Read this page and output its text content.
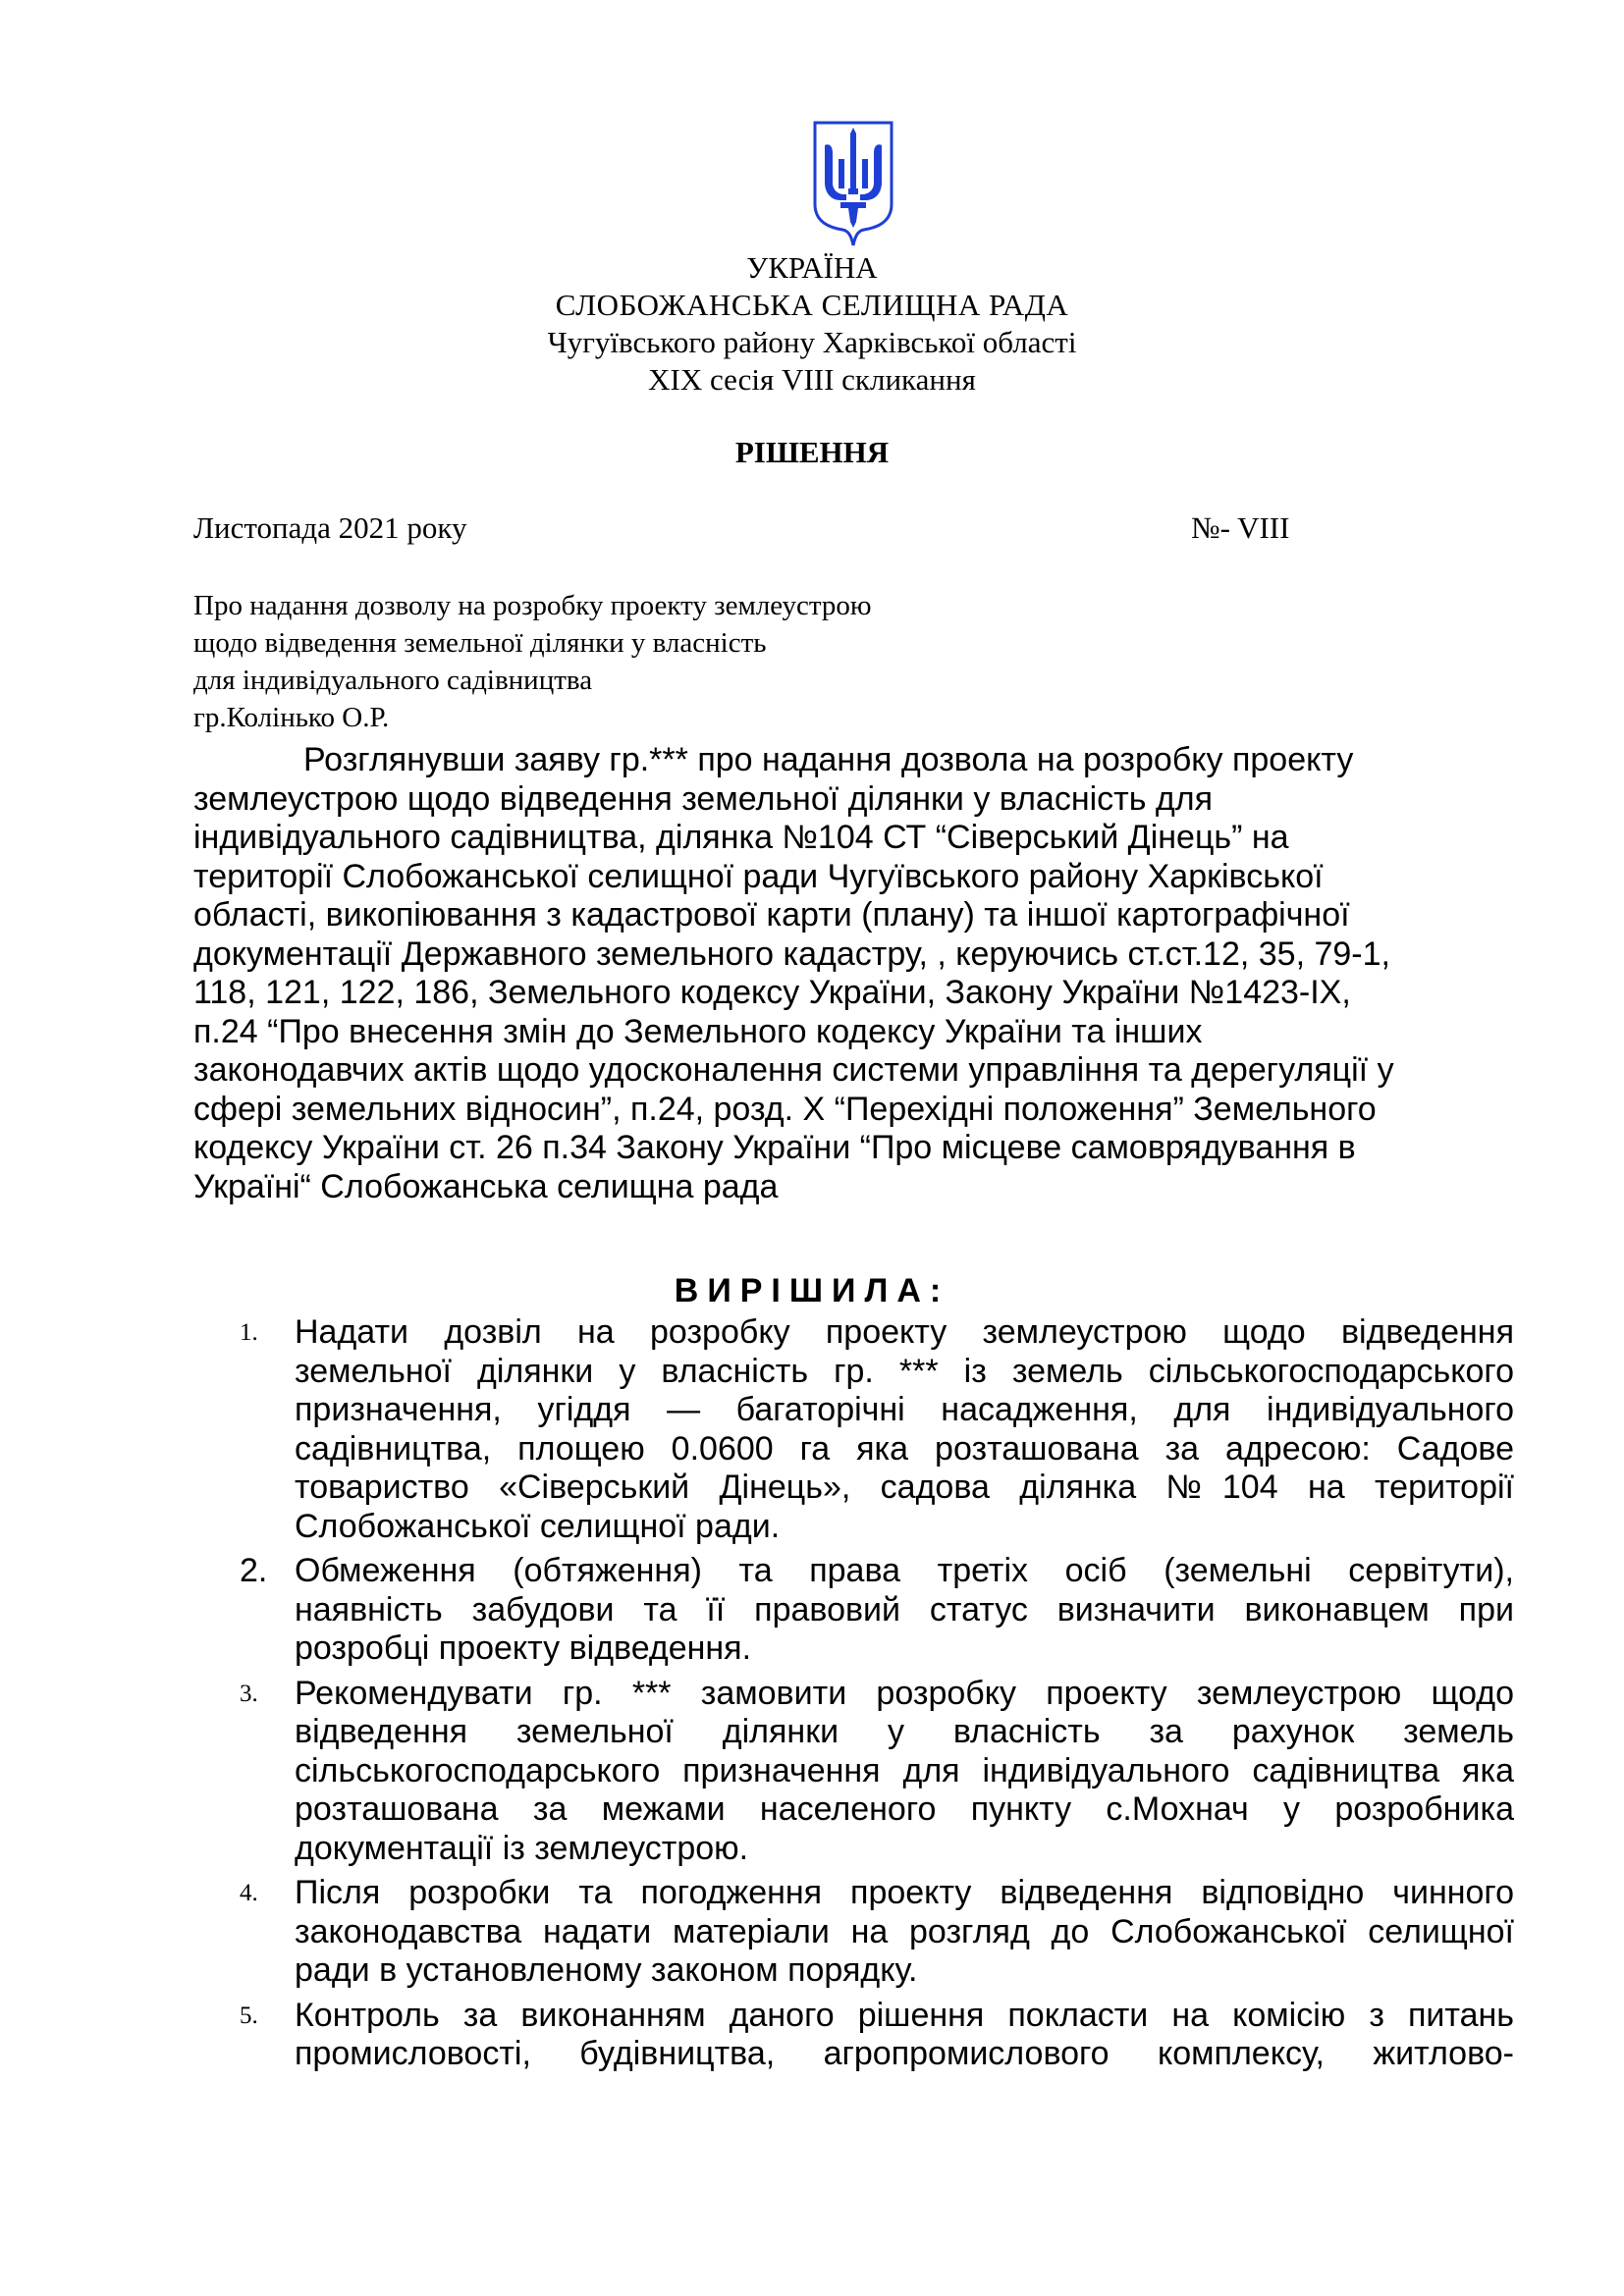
УКРАЇНА
СЛОБОЖАНСЬКА СЕЛИЩНА РАДА
Чугуївського району Харківської області
XIX сесія VIII скликання
РІШЕННЯ
Листопада 2021 року	№- VIII
Про надання дозволу на розробку проекту землеустрою
щодо відведення земельної ділянки у власність
для індивідуального садівництва
гр.Колінько О.Р.
Розглянувши заяву гр.*** про надання дозвола на розробку проекту
землеустрою щодо відведення земельної ділянки у власність для
індивідуального садівництва, ділянка №104 СТ “Сіверський Дінець” на
території Слобожанської селищної ради Чугуївського району Харківської
області, викопіювання з кадастрової карти (плану) та іншої картографічної
документації Державного земельного кадастру, , керуючись ст.ст.12, 35, 79-1,
118, 121, 122, 186, Земельного кодексу України, Закону України №1423-IX,
п.24 “Про внесення змін до Земельного кодексу України та інших
законодавчих актів щодо удосконалення системи управління та дерегуляції у
сфері земельних відносин”, п.24, розд. X “Перехідні положення” Земельного
кодексу України ст. 26 п.34 Закону України “Про місцеве самоврядування в
Україні“ Слобожанська селищна рада
ВИРІШИЛА:
1.	Надати дозвіл на розробку проекту землеустрою щодо відведення
земельної ділянки у власність гр. *** із земель сільськогосподарського
призначення, угіддя — багаторічні насадження, для індивідуального
садівництва, площею 0.0600 га яка розташована за адресою: Садове
товариство «Сіверський Дінець», садова ділянка №104 на території
Слобожанської селищної ради.
2. Обмеження (обтяження) та права третіх осіб (земельні сервітути),
наявність забудови та її правовий статус визначити виконавцем при
розробці проекту відведення.
3.	Рекомендувати гр. *** замовити розробку проекту землеустрою щодо
відведення земельної ділянки у власність за рахунок земель
сільськогосподарського призначення для індивідуального садівництва яка
розташована за межами населеного пункту с.Мохнач у розробника
документації із землеустрою.
4.	Після розробки та погодження проекту відведення відповідно чинного
законодавства надати матеріали на розгляд до Слобожанської селищної
ради в установленому законом порядку.
5.	Контроль за виконанням даного рішення покласти на комісію з питань
промисловості, будівництва, агропромислового комплексу, житлово-
